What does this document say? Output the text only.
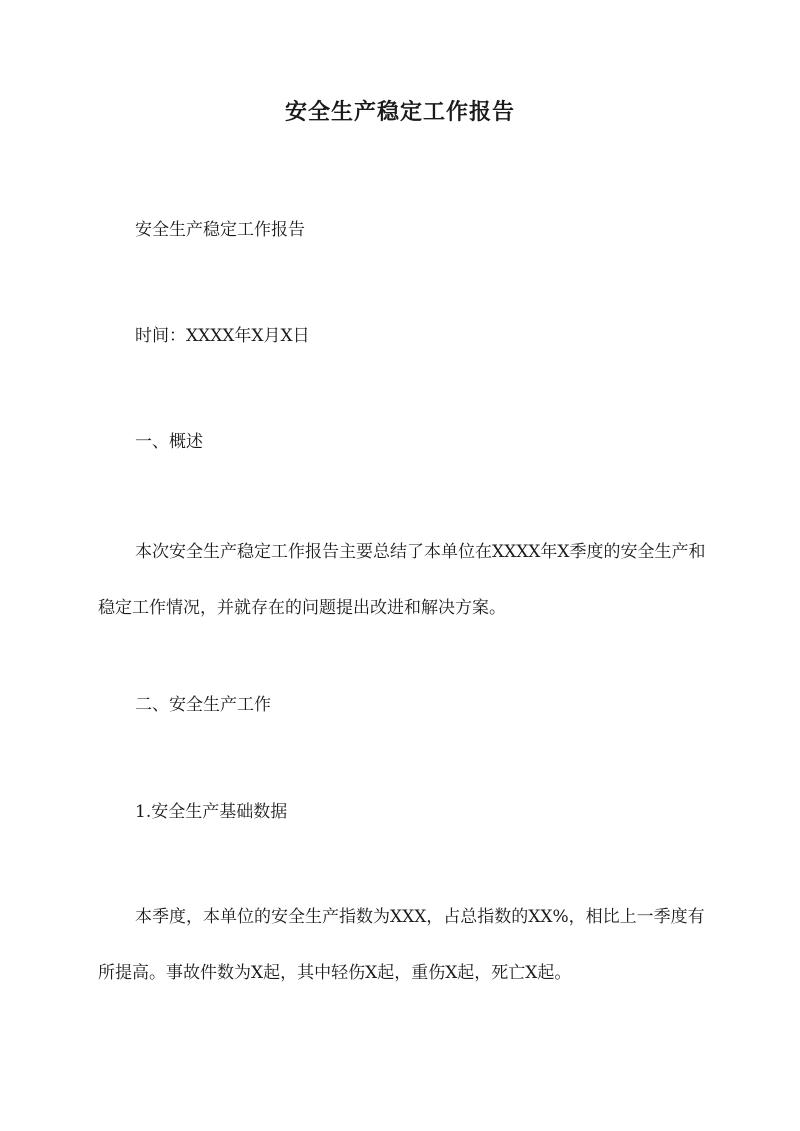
安全生产稳定工作报告

安全生产稳定工作报告

时间：XXXX年X月X日

一、概述

本次安全生产稳定工作报告主要总结了本单位在XXXX年X季度的安全生产和稳定工作情况，并就存在的问题提出改进和解决方案。

二、安全生产工作

1.安全生产基础数据

本季度，本单位的安全生产指数为XXX，占总指数的XX%，相比上一季度有所提高。事故件数为X起，其中轻伤X起，重伤X起，死亡X起。
